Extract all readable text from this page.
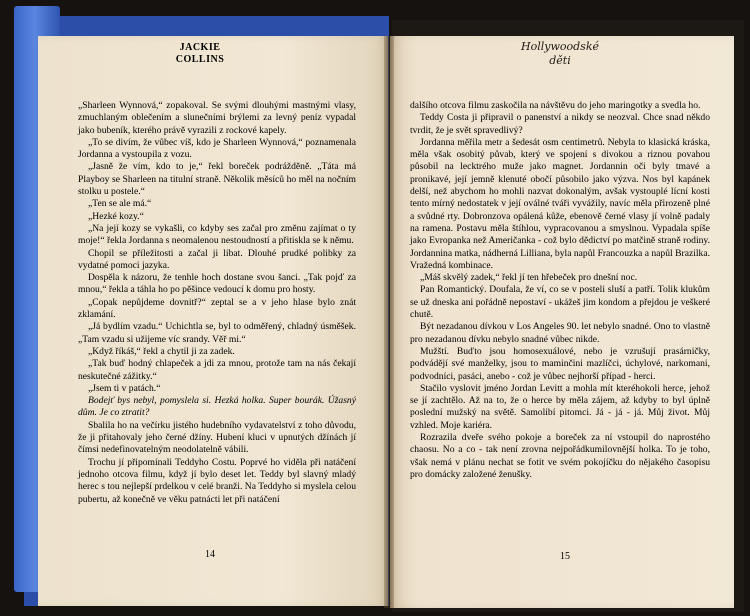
JACKIE
COLLINS
Hollywoodské
děti

„Sharleen Wynnová,“ zopakoval. Se svými dlouhými mastnými vlasy, zmuchlaným oblečením a slunečními brýlemi za levný peníz vypadal jako bubeník, kterého právě vyrazili z rockové kapely.

„To se divím, že vůbec víš, kdo je Sharleen Wynnová,“ poznamenala Jordanna a vystoupila z vozu.

„Jasně že vím, kdo to je,“ řekl boreček podrážděně. „Táta má Playboy se Sharleen na titulní straně. Několik měsíců ho měl na nočním stolku u postele.“

„Ten se ale má.“

„Hezké kozy.“

„Na její kozy se vykašli, co kdyby ses začal pro změnu zajímat o ty moje!“ řekla Jordanna s neomalenou nestoudností a přitiskla se k němu.

Chopil se příležitosti a začal ji líbat. Dlouhé prudké polibky za vydatné pomoci jazyka.

Dospěla k názoru, že tenhle hoch dostane svou šanci. „Tak pojď za mnou,“ řekla a táhla ho po pěšince vedoucí k domu pro hosty.

„Copak nepůjdeme dovnitř?“ zeptal se a v jeho hlase bylo znát zklamání.

„Já bydlím vzadu.“ Uchichtla se, byl to odměřený, chladný úsměšek. „Tam vzadu si užijeme víc srandy. Věř mi.“

„Když říkáš,“ řekl a chytil ji za zadek.

„Tak buď hodný chlapeček a jdi za mnou, protože tam na nás čekají neskutečné zážitky.“

„Jsem ti v patách.“

Bodejť bys nebyl, pomyslela si. Hezká holka. Super bourák. Úžasný dům. Je co ztratit?

Sbalila ho na večírku jistého hudebního vydavatelství z toho důvodu, že ji přitahovaly jeho černé džíny. Hubení kluci v upnutých džínách jí čímsi nedefinovatelným neodolatelně vábili.

Trochu jí připomínali Teddyho Costu. Poprvé ho viděla při natáčení jednoho otcova filmu, když jí bylo deset let. Teddy byl slavný mladý herec s tou nejlepší prdelkou v celé branži. Na Teddyho si myslela celou pubertu, až konečně ve věku patnácti let při natáčení

dalšího otcova filmu zaskočila na návštěvu do jeho maringotky a svedla ho.

Teddy Costa ji připravil o panenství a nikdy se neozval. Chce snad někdo tvrdit, že je svět spravedlivý?

Jordanna měřila metr a šedesát osm centimetrů. Nebyla to klasická kráska, měla však osobitý půvab, který ve spojení s divokou a riznou povahou působil na lecktrého muže jako magnet. Jordannin oči byly tmavé a pronikavé, její jemně klenuté obočí působilo jako výzva. Nos byl kapánek delší, než abychom ho mohli nazvat dokonalým, avšak vystouplé lícní kosti tento mírný nedostatek v její oválné tváři vyvážily, navíc měla přirozeně plné a svůdné rty. Dobronzova opálená kůže, ebenově černé vlasy jí volně padaly na ramena. Postavu měla štíhlou, vypracovanou a smyslnou. Vypadala spíše jako Evropanka než Američanka - což bylo dědictví po matčině straně rodiny. Jordannina matka, nádherná Lilliana, byla napůl Francouzka a napůl Brazilka. Vražedná kombinace.

„Máš skvělý zadek,“ řekl jí ten hřebeček pro dnešní noc.

Pan Romantický. Doufala, že ví, co se v posteli sluší a patří. Tolik klukům se už dneska ani pořádně nepostaví - ukážeš jim kondom a přejdou je veškeré chutě.

Být nezadanou dívkou v Los Angeles 90. let nebylo snadné. Ono to vlastně pro nezadanou dívku nebylo snadné vůbec nikde.

Mužští. Buďto jsou homosexuálové, nebo je vzrušují prasárničky, podvádějí své manželky, jsou to maminčini mazlíčci, úchylové, narkomani, podvodníci, pasáci, anebo - což je vůbec nejhorší případ - herci.

Stačilo vyslovit jméno Jordan Levitt a mohla mít kteréhokoli herce, jehož se jí zachtělo. Až na to, že o herce by měla zájem, až kdyby to byl úplně poslední mužský na světě. Samolibí pitomci. Já - já - já. Můj život. Můj vzhled. Moje kariéra.

Rozrazila dveře svého pokoje a boreček za ní vstoupil do naprostého chaosu. No a co - tak není zrovna nejpořádkumilovnější holka. To je toho, však nemá v plánu nechat se fotit ve svém pokojíčku do nějakého časopisu pro domácky založené ženušky.

14	15
